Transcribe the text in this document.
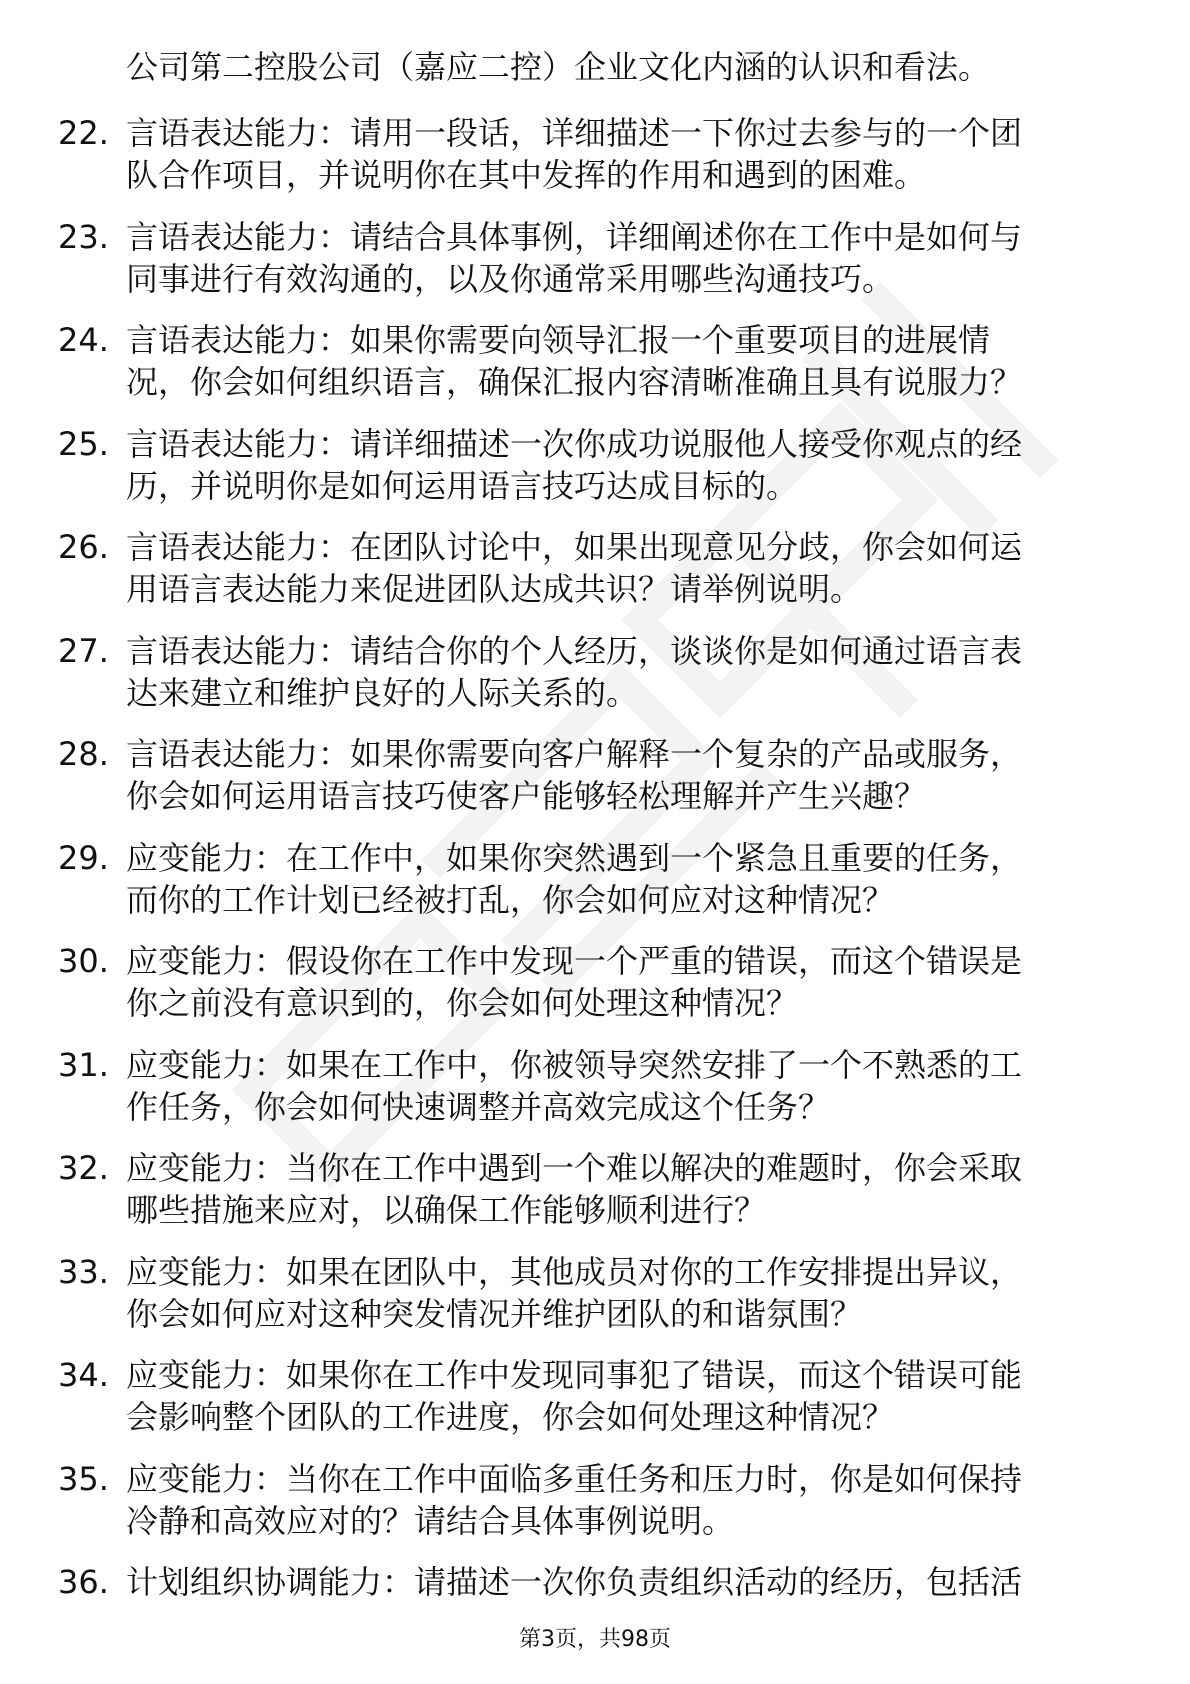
公司第二控股公司（嘉应二控）企业文化内涵的认识和看法。
22. 言语表达能力：请用一段话，详细描述一下你过去参与的一个团
队合作项目，并说明你在其中发挥的作用和遇到的困难。
23. 言语表达能力：请结合具体事例，详细阐述你在工作中是如何与
同事进行有效沟通的，以及你通常采用哪些沟通技巧。
24. 言语表达能力：如果你需要向领导汇报一个重要项目的进展情
况，你会如何组织语言，确保汇报内容清晰准确且具有说服力？
25. 言语表达能力：请详细描述一次你成功说服他人接受你观点的经
历，并说明你是如何运用语言技巧达成目标的。
26. 言语表达能力：在团队讨论中，如果出现意见分歧，你会如何运
用语言表达能力来促进团队达成共识？请举例说明。
27. 言语表达能力：请结合你的个人经历，谈谈你是如何通过语言表
达来建立和维护良好的人际关系的。
28. 言语表达能力：如果你需要向客户解释一个复杂的产品或服务，
你会如何运用语言技巧使客户能够轻松理解并产生兴趣？
29. 应变能力：在工作中，如果你突然遇到一个紧急且重要的任务，
而你的工作计划已经被打乱，你会如何应对这种情况？
30. 应变能力：假设你在工作中发现一个严重的错误，而这个错误是
你之前没有意识到的，你会如何处理这种情况？
31. 应变能力：如果在工作中，你被领导突然安排了一个不熟悉的工
作任务，你会如何快速调整并高效完成这个任务？
32. 应变能力：当你在工作中遇到一个难以解决的难题时，你会采取
哪些措施来应对，以确保工作能够顺利进行？
33. 应变能力：如果在团队中，其他成员对你的工作安排提出异议，
你会如何应对这种突发情况并维护团队的和谐氛围？
34. 应变能力：如果你在工作中发现同事犯了错误，而这个错误可能
会影响整个团队的工作进度，你会如何处理这种情况？
35. 应变能力：当你在工作中面临多重任务和压力时，你是如何保持
冷静和高效应对的？请结合具体事例说明。
36. 计划组织协调能力：请描述一次你负责组织活动的经历，包括活
第3页，共98页
